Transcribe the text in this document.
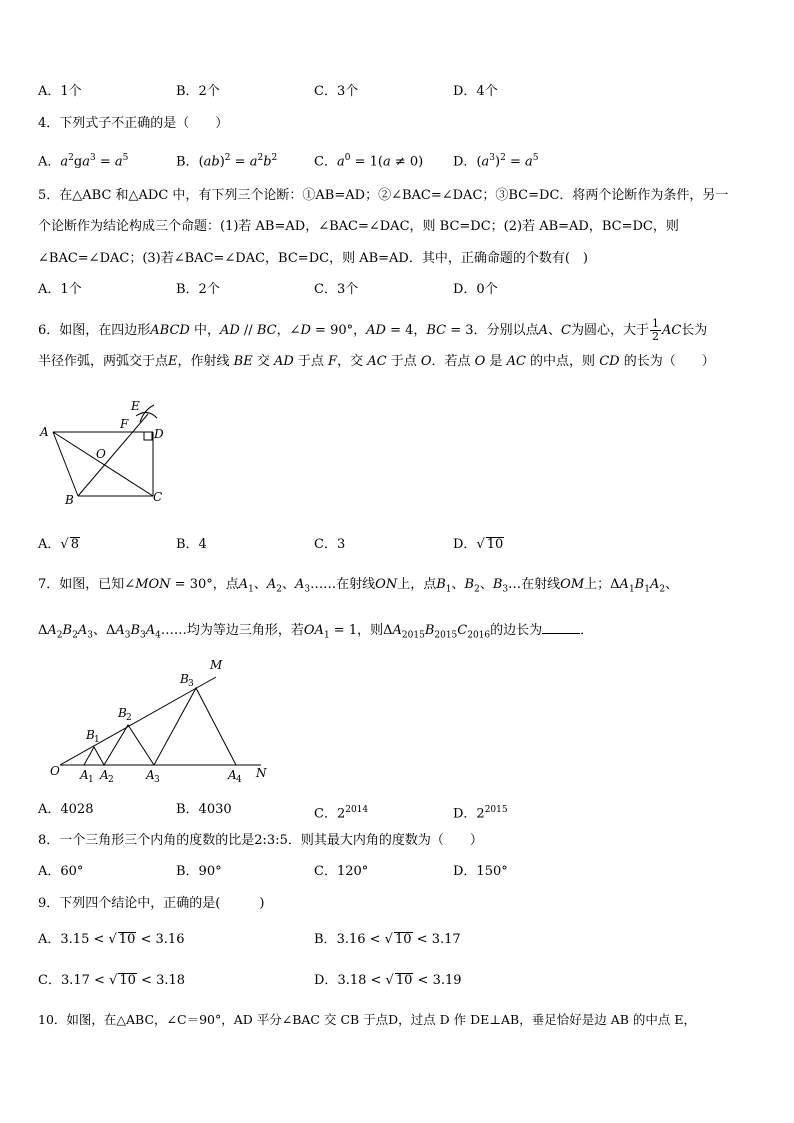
A．1个	B．2个	C．3个	D．4个
4．下列式子不正确的是（　　）
A．$a^2ga^3 = a^5$	B．$(ab)^2 = a^2b^2$	C．$a^0 = 1(a \ne 0)$ D．$(a^3)^2 = a^5$
5．在△ABC 和△ADC 中，有下列三个论断：①AB=AD；②∠BAC=∠DAC；③BC=DC．将两个论断作为条件，另一
个论断作为结论构成三个命题：(1)若 AB=AD，∠BAC=∠DAC，则 BC=DC；(2)若 AB=AD，BC=DC，则
∠BAC=∠DAC；(3)若∠BAC=∠DAC，BC=DC，则 AB=AD．其中，正确命题的个数有(　)
A．1个	B．2个	C．3个	D．0个
6．如图，在四边形ABCD 中，AD // BC，∠D = 90°，AD = 4，BC = 3．分别以点A、C为圆心，大于 $\frac{1}{2}$ AC长为
半径作弧，两弧交于点E，作射线 BE 交 AD 于点 F，交 AC 于点 O．若点 O 是 AC 的中点，则 CD 的长为（　　）
E
F
D
A
O
B	C
A．√ 8	B．4	C．3	D．√ 10
7．如图，已知∠MON = 30°，点$A_1$、$A_2$、$A_3\dots\dots$在射线ON上，点$B_1$、$B_2$、$B_3\dots$在射线OM上；$\Delta A_1B_1A_2$、
$\Delta A_2B_2A_3$、$\Delta A_3B_3A_4\dots\dots$均为等边三角形，若$OA_1 = 1$，则$\Delta A_{2015}B_{2015}C_{2016}$的边长为	．
M
B 3
B 2
B 1
O A 1 A 2	A 3	A 4 N
A．4028	B．4030	C．$2^{2014}$	D．$2^{2015}$
8．一个三角形三个内角的度数的比是2:3:5．则其最大内角的度数为（　　）
A．60°	B．90°	C．120°	D．150°
9．下列四个结论中，正确的是(　　　)
A．3.15 < √ 10 < 3.16	B．3.16 < √ 10 < 3.17
C．3.17 < √ 10 < 3.18	D．3.18 < √ 10 < 3.19
10．如图，在△ABC，∠C＝90°，AD 平分∠BAC 交 CB 于点D，过点 D 作 DE⊥AB，垂足恰好是边 AB 的中点 E，
